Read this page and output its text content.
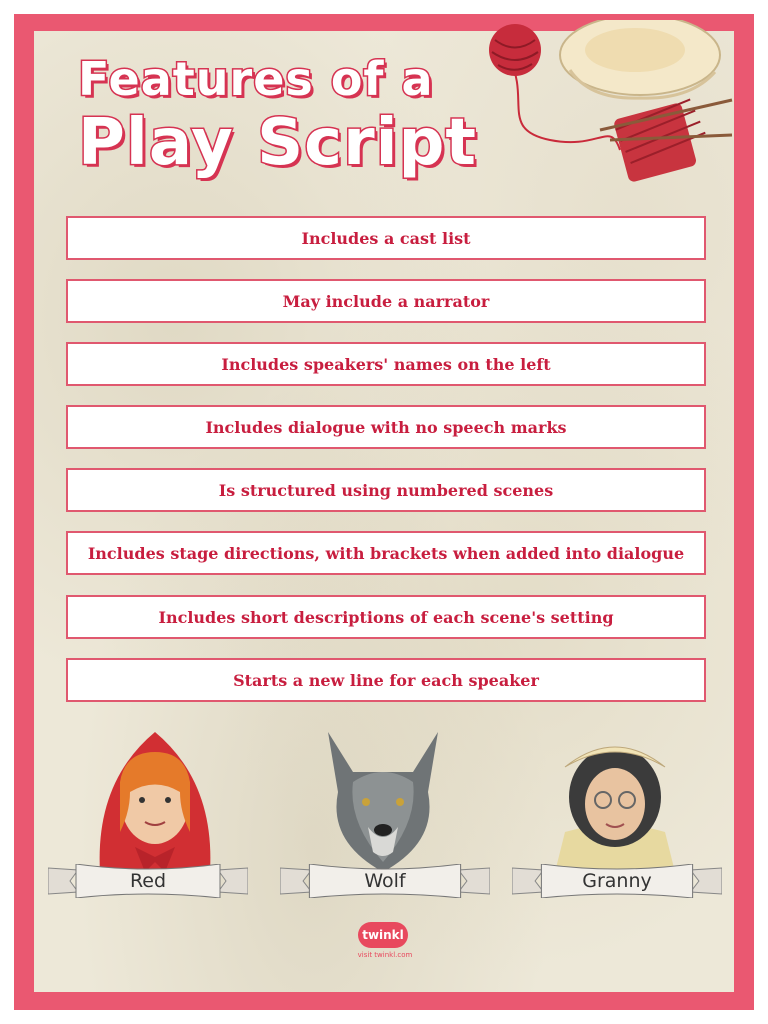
Features of a
Play Script
Includes a cast list
May include a narrator
Includes speakers' names on the left
Includes dialogue with no speech marks
Is structured using numbered scenes
Includes stage directions, with brackets when added into dialogue
Includes short descriptions of each scene's setting
Starts a new line for each speaker
Red	Wolf	Granny
twinkl
visit twinkl.com
